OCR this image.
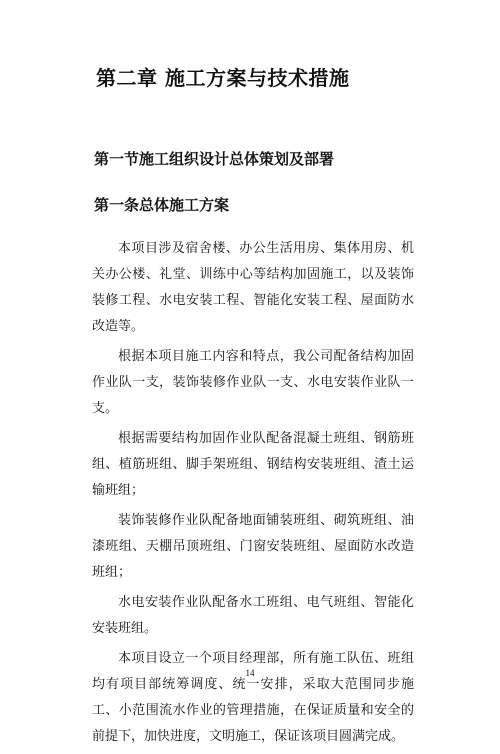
第二章 施工方案与技术措施
第一节施工组织设计总体策划及部署
第一条总体施工方案

本项目涉及宿舍楼、办公生活用房、集体用房、机关办公楼、礼堂、训练中心等结构加固施工，以及装饰装修工程、水电安装工程、智能化安装工程、屋面防水改造等。

根据本项目施工内容和特点，我公司配备结构加固作业队一支，装饰装修作业队一支、水电安装作业队一支。

根据需要结构加固作业队配备混凝土班组、钢筋班组、植筋班组、脚手架班组、钢结构安装班组、渣土运输班组；

装饰装修作业队配备地面铺装班组、砌筑班组、油漆班组、天棚吊顶班组、门窗安装班组、屋面防水改造班组；

水电安装作业队配备水工班组、电气班组、智能化安装班组。

本项目设立一个项目经理部，所有施工队伍、班组均有项目部统筹调度、统一安排，采取大范围同步施工、小范围流水作业的管理措施，在保证质量和安全的前提下，加快进度，文明施工，保证该项目圆满完成。

14
